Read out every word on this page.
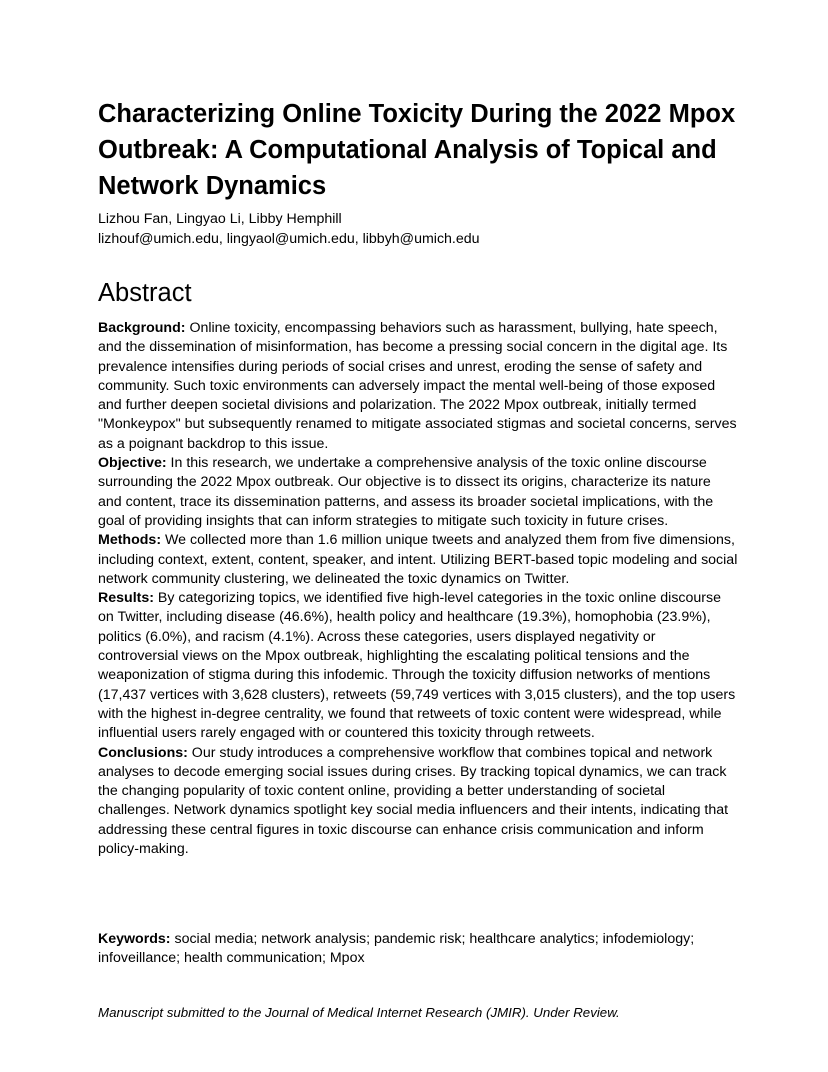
Characterizing Online Toxicity During the 2022 Mpox Outbreak: A Computational Analysis of Topical and Network Dynamics
Lizhou Fan, Lingyao Li, Libby Hemphill
lizhouf@umich.edu, lingyaol@umich.edu, libbyh@umich.edu
Abstract

Background: Online toxicity, encompassing behaviors such as harassment, bullying, hate speech, and the dissemination of misinformation, has become a pressing social concern in the digital age. Its prevalence intensifies during periods of social crises and unrest, eroding the sense of safety and community. Such toxic environments can adversely impact the mental well-being of those exposed and further deepen societal divisions and polarization. The 2022 Mpox outbreak, initially termed "Monkeypox" but subsequently renamed to mitigate associated stigmas and societal concerns, serves as a poignant backdrop to this issue.

Objective: In this research, we undertake a comprehensive analysis of the toxic online discourse surrounding the 2022 Mpox outbreak. Our objective is to dissect its origins, characterize its nature and content, trace its dissemination patterns, and assess its broader societal implications, with the goal of providing insights that can inform strategies to mitigate such toxicity in future crises.

Methods: We collected more than 1.6 million unique tweets and analyzed them from five dimensions, including context, extent, content, speaker, and intent. Utilizing BERT-based topic modeling and social network community clustering, we delineated the toxic dynamics on Twitter.

Results: By categorizing topics, we identified five high-level categories in the toxic online discourse on Twitter, including disease (46.6%), health policy and healthcare (19.3%), homophobia (23.9%), politics (6.0%), and racism (4.1%). Across these categories, users displayed negativity or controversial views on the Mpox outbreak, highlighting the escalating political tensions and the weaponization of stigma during this infodemic. Through the toxicity diffusion networks of mentions (17,437 vertices with 3,628 clusters), retweets (59,749 vertices with 3,015 clusters), and the top users with the highest in-degree centrality, we found that retweets of toxic content were widespread, while influential users rarely engaged with or countered this toxicity through retweets.

Conclusions: Our study introduces a comprehensive workflow that combines topical and network analyses to decode emerging social issues during crises. By tracking topical dynamics, we can track the changing popularity of toxic content online, providing a better understanding of societal challenges. Network dynamics spotlight key social media influencers and their intents, indicating that addressing these central figures in toxic discourse can enhance crisis communication and inform policy-making.

Keywords: social media; network analysis; pandemic risk; healthcare analytics; infodemiology; infoveillance; health communication; Mpox
Manuscript submitted to the Journal of Medical Internet Research (JMIR). Under Review.
